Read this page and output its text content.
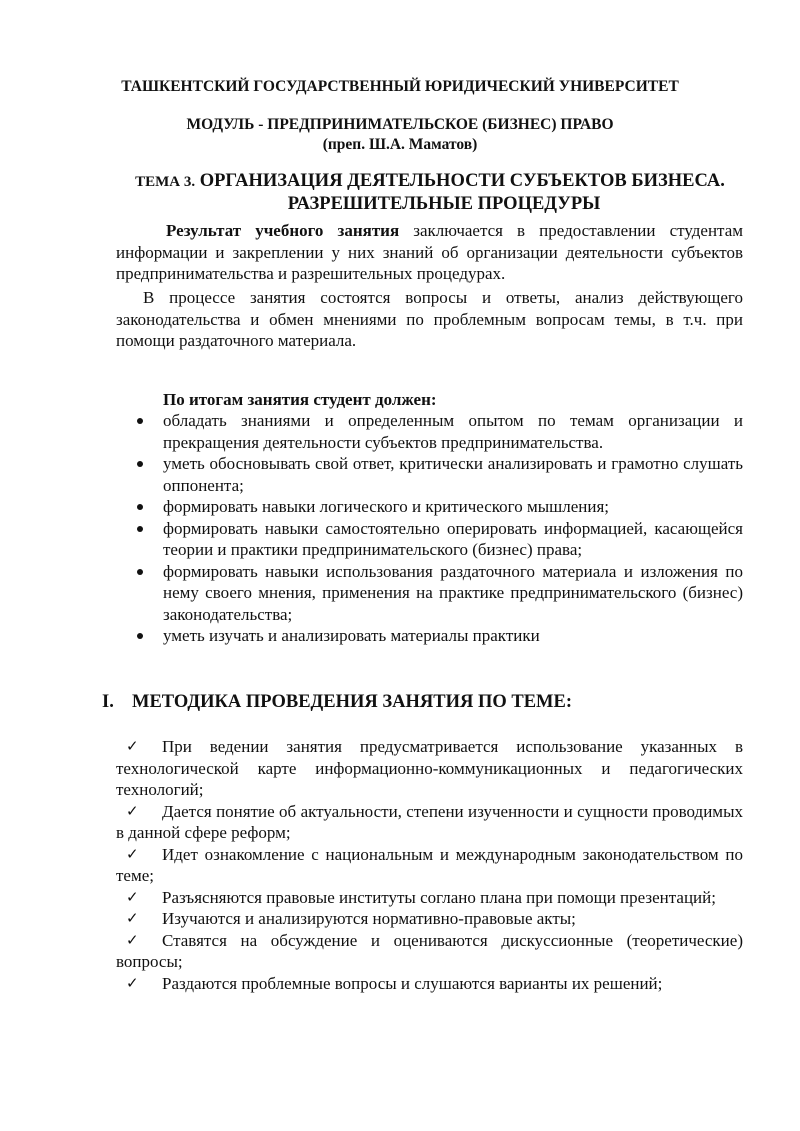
ТАШКЕНТСКИЙ ГОСУДАРСТВЕННЫЙ ЮРИДИЧЕСКИЙ УНИВЕРСИТЕТ
МОДУЛЬ - ПРЕДПРИНИМАТЕЛЬСКОЕ (БИЗНЕС) ПРАВО
(преп. Ш.А. Маматов)
ТЕМА 3. ОРГАНИЗАЦИЯ ДЕЯТЕЛЬНОСТИ СУБЪЕКТОВ БИЗНЕСА.
РАЗРЕШИТЕЛЬНЫЕ ПРОЦЕДУРЫ
Результат учебного занятия заключается в предоставлении студентам информации и закреплении у них знаний об организации деятельности субъектов предпринимательства и разрешительных процедурах.
В процессе занятия состоятся вопросы и ответы, анализ действующего законодательства и обмен мнениями по проблемным вопросам темы, в т.ч. при помощи раздаточного материала.
По итогам занятия студент должен:
обладать знаниями и определенным опытом по темам организации и прекращения деятельности субъектов предпринимательства.
уметь обосновывать свой ответ, критически анализировать и грамотно слушать оппонента;
формировать навыки логического и критического мышления;
формировать навыки самостоятельно оперировать информацией, касающейся теории и практики предпринимательского (бизнес) права;
формировать навыки использования раздаточного материала и изложения по нему своего мнения, применения на практике предпринимательского (бизнес) законодательства;
уметь изучать и анализировать материалы практики
I. МЕТОДИКА ПРОВЕДЕНИЯ ЗАНЯТИЯ ПО ТЕМЕ:
✓ При ведении занятия предусматривается использование указанных в технологической карте информационно-коммуникационных и педагогических технологий;
✓ Дается понятие об актуальности, степени изученности и сущности проводимых в данной сфере реформ;
✓ Идет ознакомление с национальным и международным законодательством по теме;
✓ Разъясняются правовые институты соглано плана при помощи презентаций;
✓ Изучаются и анализируются нормативно-правовые акты;
✓ Ставятся на обсуждение и оцениваются дискуссионные (теоретические) вопросы;
✓ Раздаются проблемные вопросы и слушаются варианты их решений;
